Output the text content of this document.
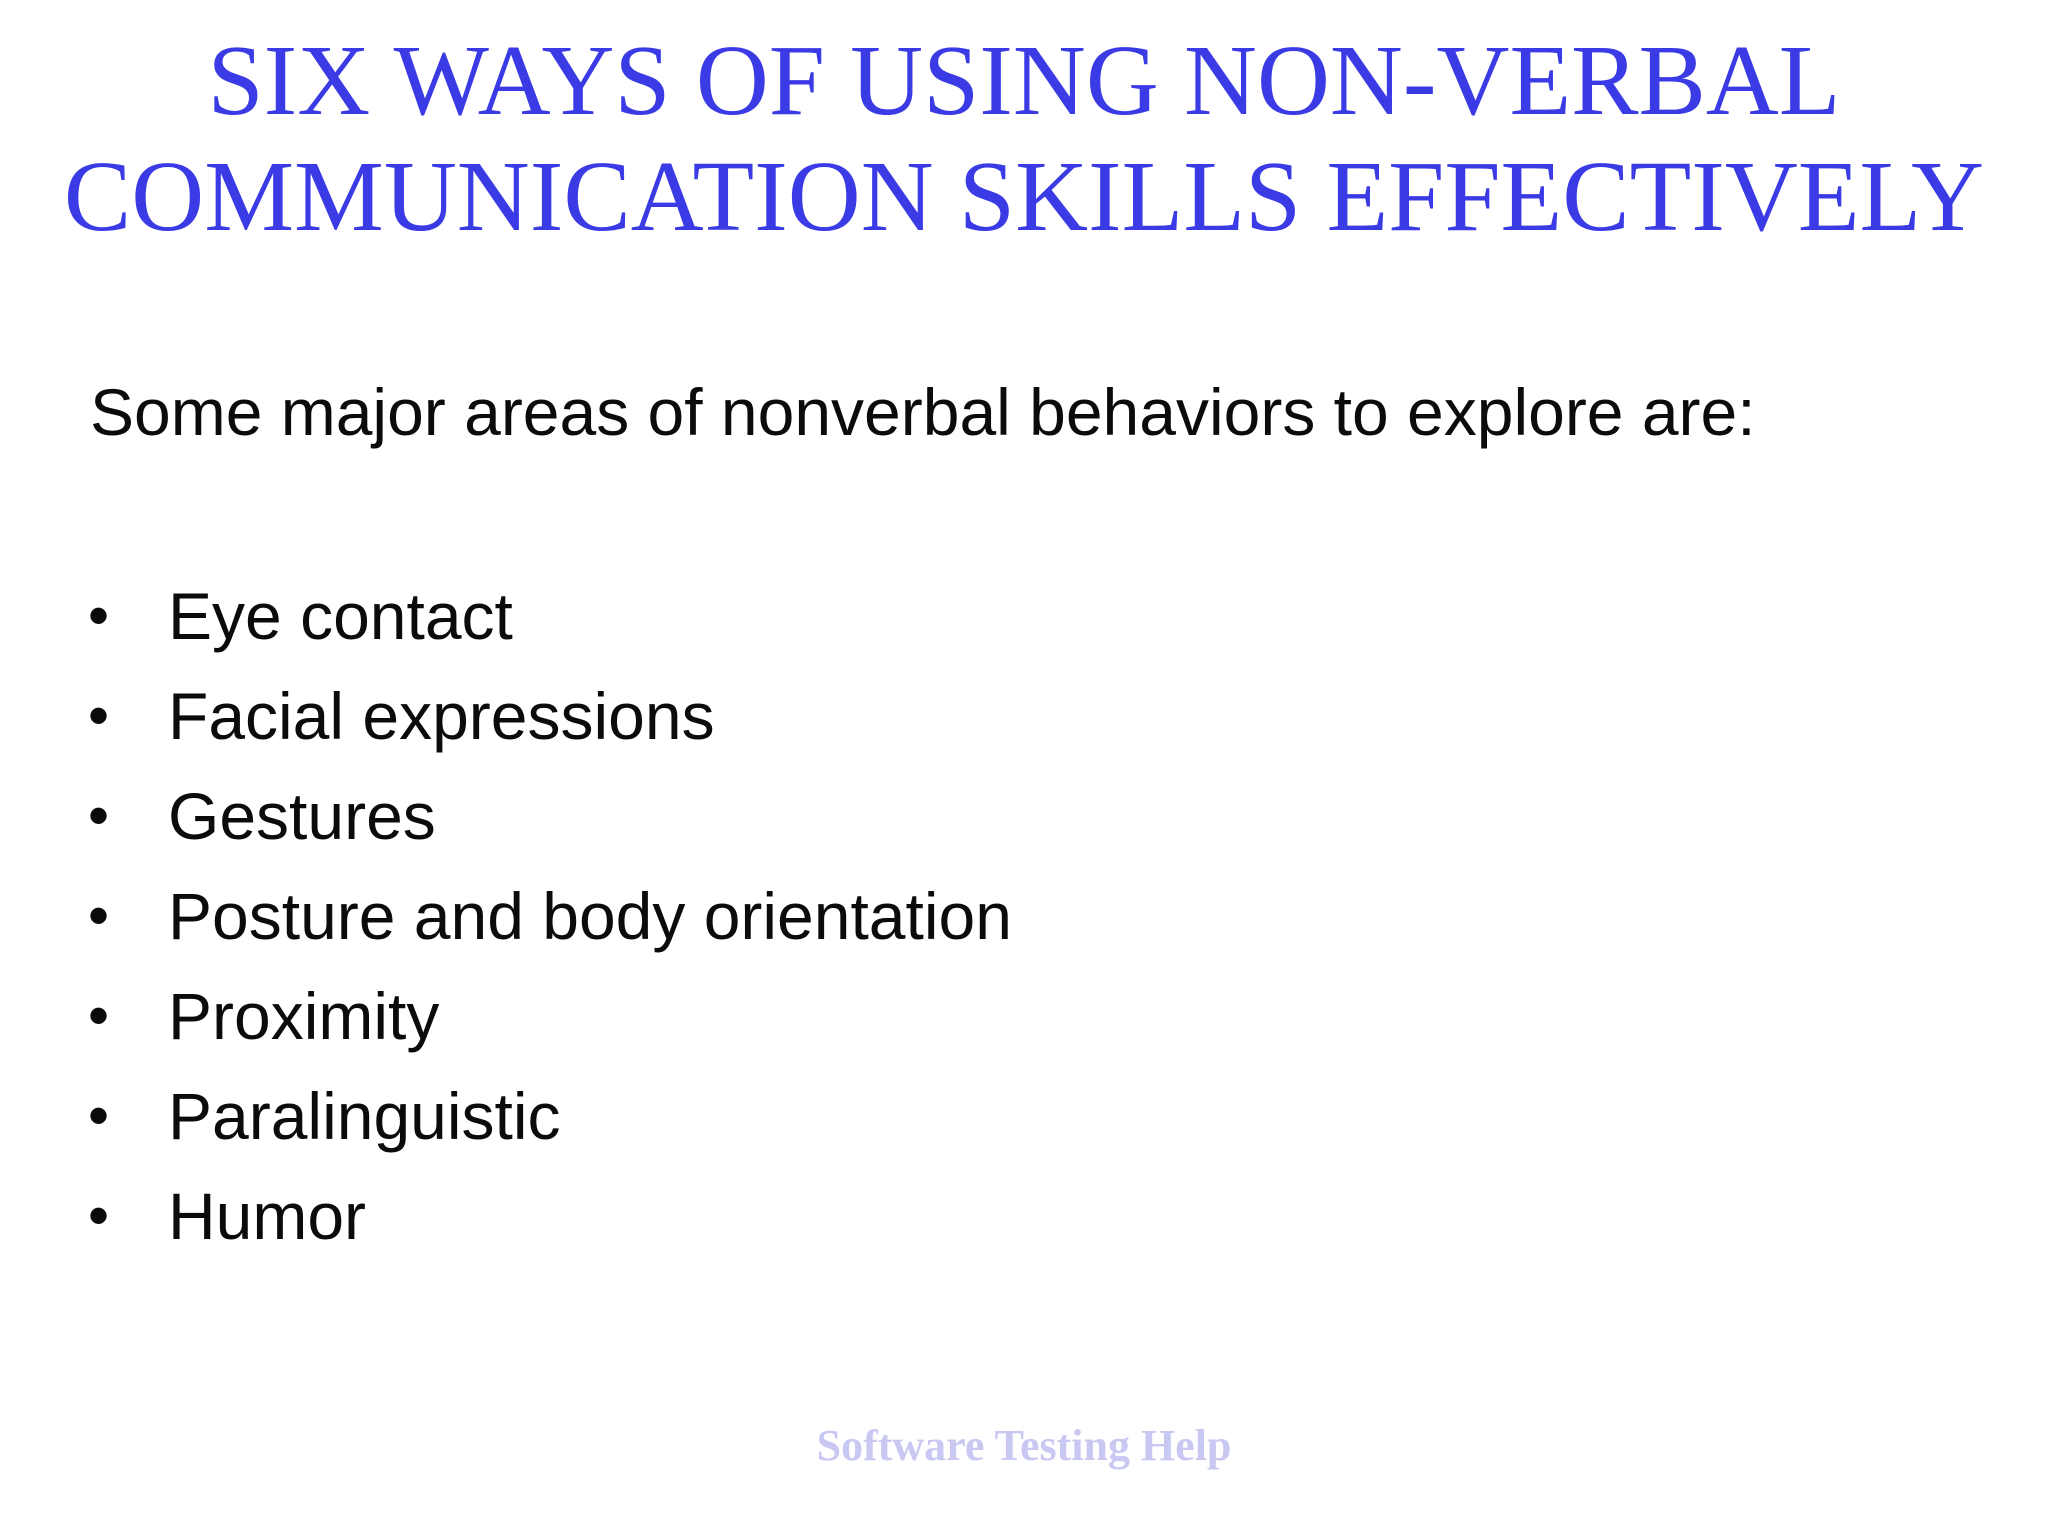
SIX WAYS OF USING NON-VERBAL
COMMUNICATION SKILLS EFFECTIVELY

Some major areas of nonverbal behaviors to explore are:

• Eye contact
• Facial expressions
• Gestures
• Posture and body orientation
• Proximity
• Paralinguistic
• Humor
Software Testing Help
